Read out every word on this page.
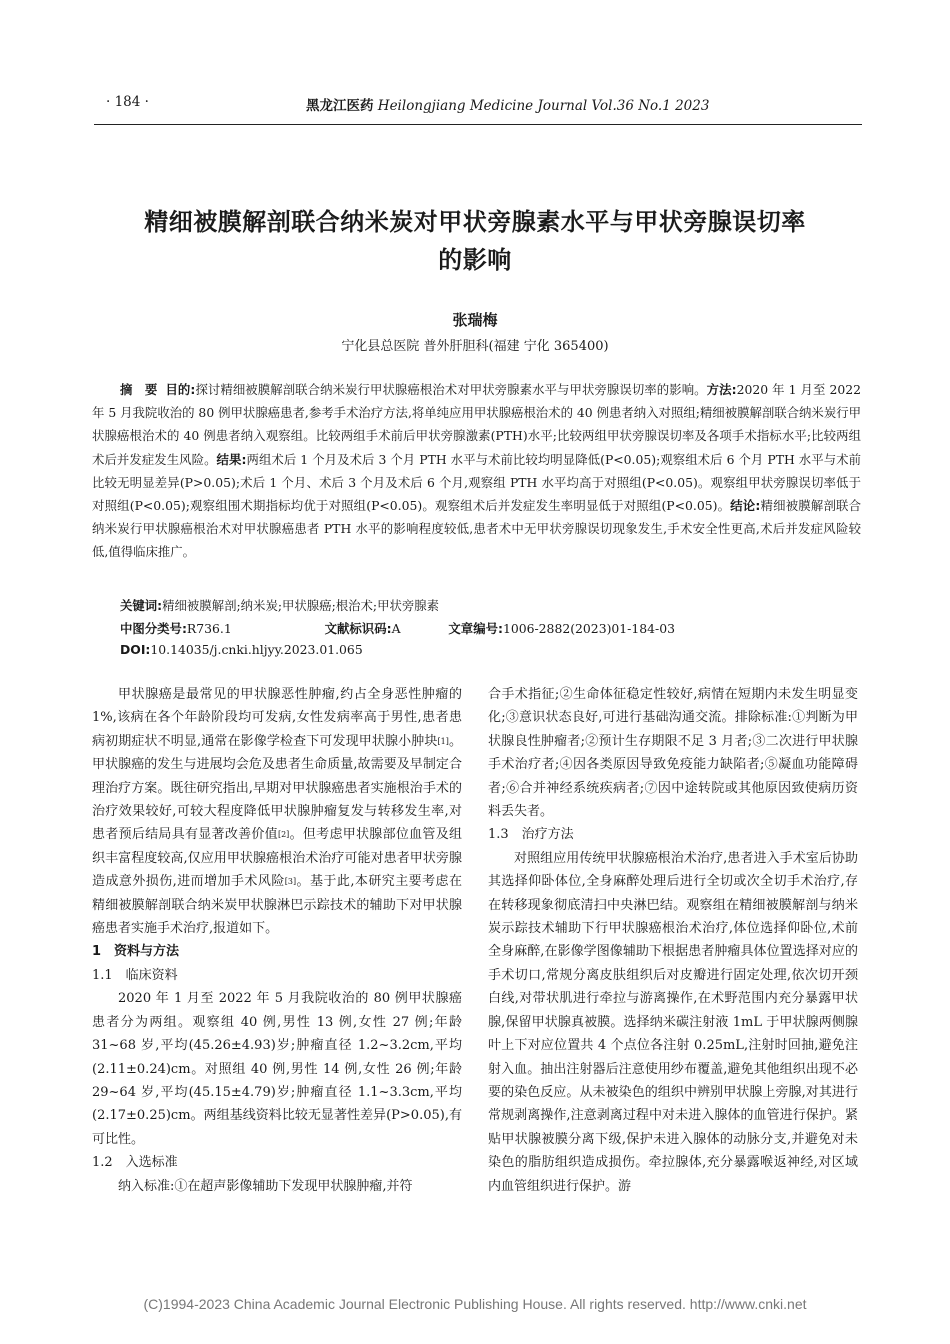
· 184 ·	黑龙江医药 Heilongjiang Medicine Journal Vol.36 No.1 2023
精细被膜解剖联合纳米炭对甲状旁腺素水平与甲状旁腺误切率
的影响
张瑞梅
宁化县总医院 普外肝胆科(福建 宁化 365400)
摘　要 目的:探讨精细被膜解剖联合纳米炭行甲状腺癌根治术对甲状旁腺素水平与甲状旁腺误切率的影响。方法:2020 年 1 月至 2022 年 5 月我院收治的 80 例甲状腺癌患者,参考手术治疗方法,将单纯应用甲状腺癌根治术的 40 例患者纳入对照组;精细被膜解剖联合纳米炭行甲状腺癌根治术的 40 例患者纳入观察组。比较两组手术前后甲状旁腺激素(PTH)水平;比较两组甲状旁腺误切率及各项手术指标水平;比较两组术后并发症发生风险。结果:两组术后 1 个月及术后 3 个月 PTH 水平与术前比较均明显降低(P<0.05);观察组术后 6 个月 PTH 水平与术前比较无明显差异(P>0.05);术后 1 个月、术后 3 个月及术后 6 个月,观察组 PTH 水平均高于对照组(P<0.05)。观察组甲状旁腺误切率低于对照组(P<0.05);观察组围术期指标均优于对照组(P<0.05)。观察组术后并发症发生率明显低于对照组(P<0.05)。结论:精细被膜解剖联合纳米炭行甲状腺癌根治术对甲状腺癌患者 PTH 水平的影响程度较低,患者术中无甲状旁腺误切现象发生,手术安全性更高,术后并发症风险较低,值得临床推广。
关键词:精细被膜解剖;纳米炭;甲状腺癌;根治术;甲状旁腺素
中图分类号:R736.1	文献标识码:A	文章编号:1006-2882(2023)01-184-03
DOI:10.14035/j.cnki.hljyy.2023.01.065

甲状腺癌是最常见的甲状腺恶性肿瘤,约占全身恶性肿瘤的 1%,该病在各个年龄阶段均可发病,女性发病率高于男性,患者患病初期症状不明显,通常在影像学检查下可发现甲状腺小肿块[1]。甲状腺癌的发生与进展均会危及患者生命质量,故需要及早制定合理治疗方案。既往研究指出,早期对甲状腺癌患者实施根治手术的治疗效果较好,可较大程度降低甲状腺肿瘤复发与转移发生率,对患者预后结局具有显著改善价值[2]。但考虑甲状腺部位血管及组织丰富程度较高,仅应用甲状腺癌根治术治疗可能对患者甲状旁腺造成意外损伤,进而增加手术风险[3]。基于此,本研究主要考虑在精细被膜解剖联合纳米炭甲状腺淋巴示踪技术的辅助下对甲状腺癌患者实施手术治疗,报道如下。

1　资料与方法

1.1　临床资料

2020 年 1 月至 2022 年 5 月我院收治的 80 例甲状腺癌患者分为两组。观察组 40 例,男性 13 例,女性 27 例;年龄 31~68 岁,平均(45.26±4.93)岁;肿瘤直径 1.2~3.2cm,平均(2.11±0.24)cm。对照组 40 例,男性 14 例,女性 26 例;年龄 29~64 岁,平均(45.15±4.79)岁;肿瘤直径 1.1~3.3cm,平均(2.17±0.25)cm。两组基线资料比较无显著性差异(P>0.05),有可比性。

1.2　入选标准

纳入标准:①在超声影像辅助下发现甲状腺肿瘤,并符

合手术指征;②生命体征稳定性较好,病情在短期内未发生明显变化;③意识状态良好,可进行基础沟通交流。排除标准:①判断为甲状腺良性肿瘤者;②预计生存期限不足 3 月者;③二次进行甲状腺手术治疗者;④因各类原因导致免疫能力缺陷者;⑤凝血功能障碍者;⑥合并神经系统疾病者;⑦因中途转院或其他原因致使病历资料丢失者。

1.3　治疗方法

对照组应用传统甲状腺癌根治术治疗,患者进入手术室后协助其选择仰卧体位,全身麻醉处理后进行全切或次全切手术治疗,存在转移现象彻底清扫中央淋巴结。观察组在精细被膜解剖与纳米炭示踪技术辅助下行甲状腺癌根治术治疗,体位选择仰卧位,术前全身麻醉,在影像学图像辅助下根据患者肿瘤具体位置选择对应的手术切口,常规分离皮肤组织后对皮瓣进行固定处理,依次切开颈白线,对带状肌进行牵拉与游离操作,在术野范围内充分暴露甲状腺,保留甲状腺真被膜。选择纳米碳注射液 1mL 于甲状腺两侧腺叶上下对应位置共 4 个点位各注射 0.25mL,注射时回抽,避免注射入血。抽出注射器后注意使用纱布覆盖,避免其他组织出现不必要的染色反应。从未被染色的组织中辨别甲状腺上旁腺,对其进行常规剥离操作,注意剥离过程中对未进入腺体的血管进行保护。紧贴甲状腺被膜分离下级,保护未进入腺体的动脉分支,并避免对未染色的脂肪组织造成损伤。牵拉腺体,充分暴露喉返神经,对区域内血管组织进行保护。游

(C)1994-2023 China Academic Journal Electronic Publishing House. All rights reserved. http://www.cnki.net
